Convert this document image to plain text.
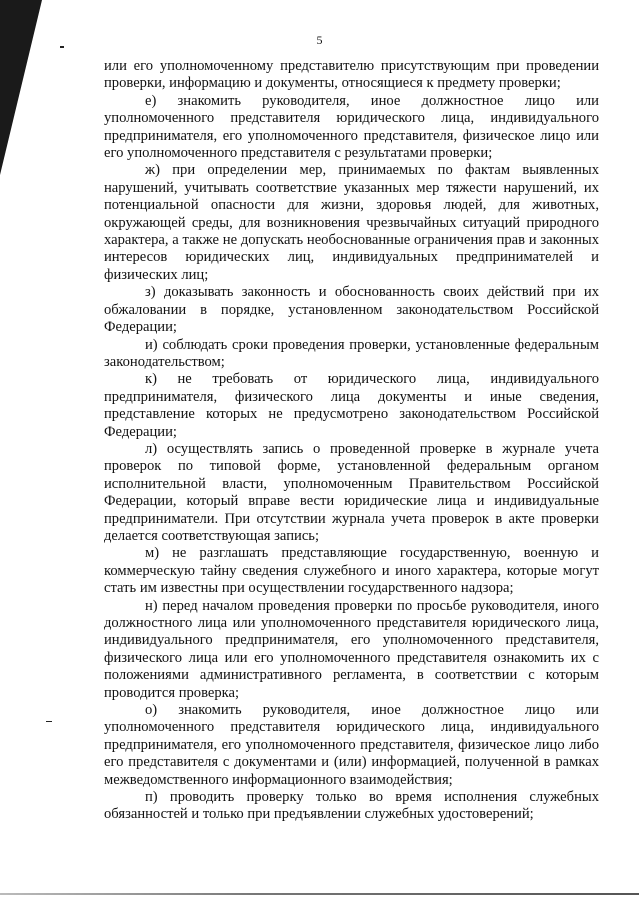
5

или его уполномоченному представителю присутствующим при проведении проверки, информацию и документы, относящиеся к предмету проверки;

е) знакомить руководителя, иное должностное лицо или уполномоченного представителя юридического лица, индивидуального предпринимателя, его уполномоченного представителя, физическое лицо или его уполномоченного представителя с результатами проверки;

ж) при определении мер, принимаемых по фактам выявленных нарушений, учитывать соответствие указанных мер тяжести нарушений, их потенциальной опасности для жизни, здоровья людей, для животных, окружающей среды, для возникновения чрезвычайных ситуаций природного характера, а также не допускать необоснованные ограничения прав и законных интересов юридических лиц, индивидуальных предпринимателей и физических лиц;

з) доказывать законность и обоснованность своих действий при их обжаловании в порядке, установленном законодательством Российской Федерации;

и) соблюдать сроки проведения проверки, установленные федеральным законодательством;

к) не требовать от юридического лица, индивидуального предпринимателя, физического лица документы и иные сведения, представление которых не предусмотрено законодательством Российской Федерации;

л) осуществлять запись о проведенной проверке в журнале учета проверок по типовой форме, установленной федеральным органом исполнительной власти, уполномоченным Правительством Российской Федерации, который вправе вести юридические лица и индивидуальные предприниматели. При отсутствии журнала учета проверок в акте проверки делается соответствующая запись;

м) не разглашать представляющие государственную, военную и коммерческую тайну сведения служебного и иного характера, которые могут стать им известны при осуществлении государственного надзора;

н) перед началом проведения проверки по просьбе руководителя, иного должностного лица или уполномоченного представителя юридического лица, индивидуального предпринимателя, его уполномоченного представителя, физического лица или его уполномоченного представителя ознакомить их с положениями административного регламента, в соответствии с которым проводится проверка;

о) знакомить руководителя, иное должностное лицо или уполномоченного представителя юридического лица, индивидуального предпринимателя, его уполномоченного представителя, физическое лицо либо его представителя с документами и (или) информацией, полученной в рамках межведомственного информационного взаимодействия;

п) проводить проверку только во время исполнения служебных обязанностей и только при предъявлении служебных удостоверений;
